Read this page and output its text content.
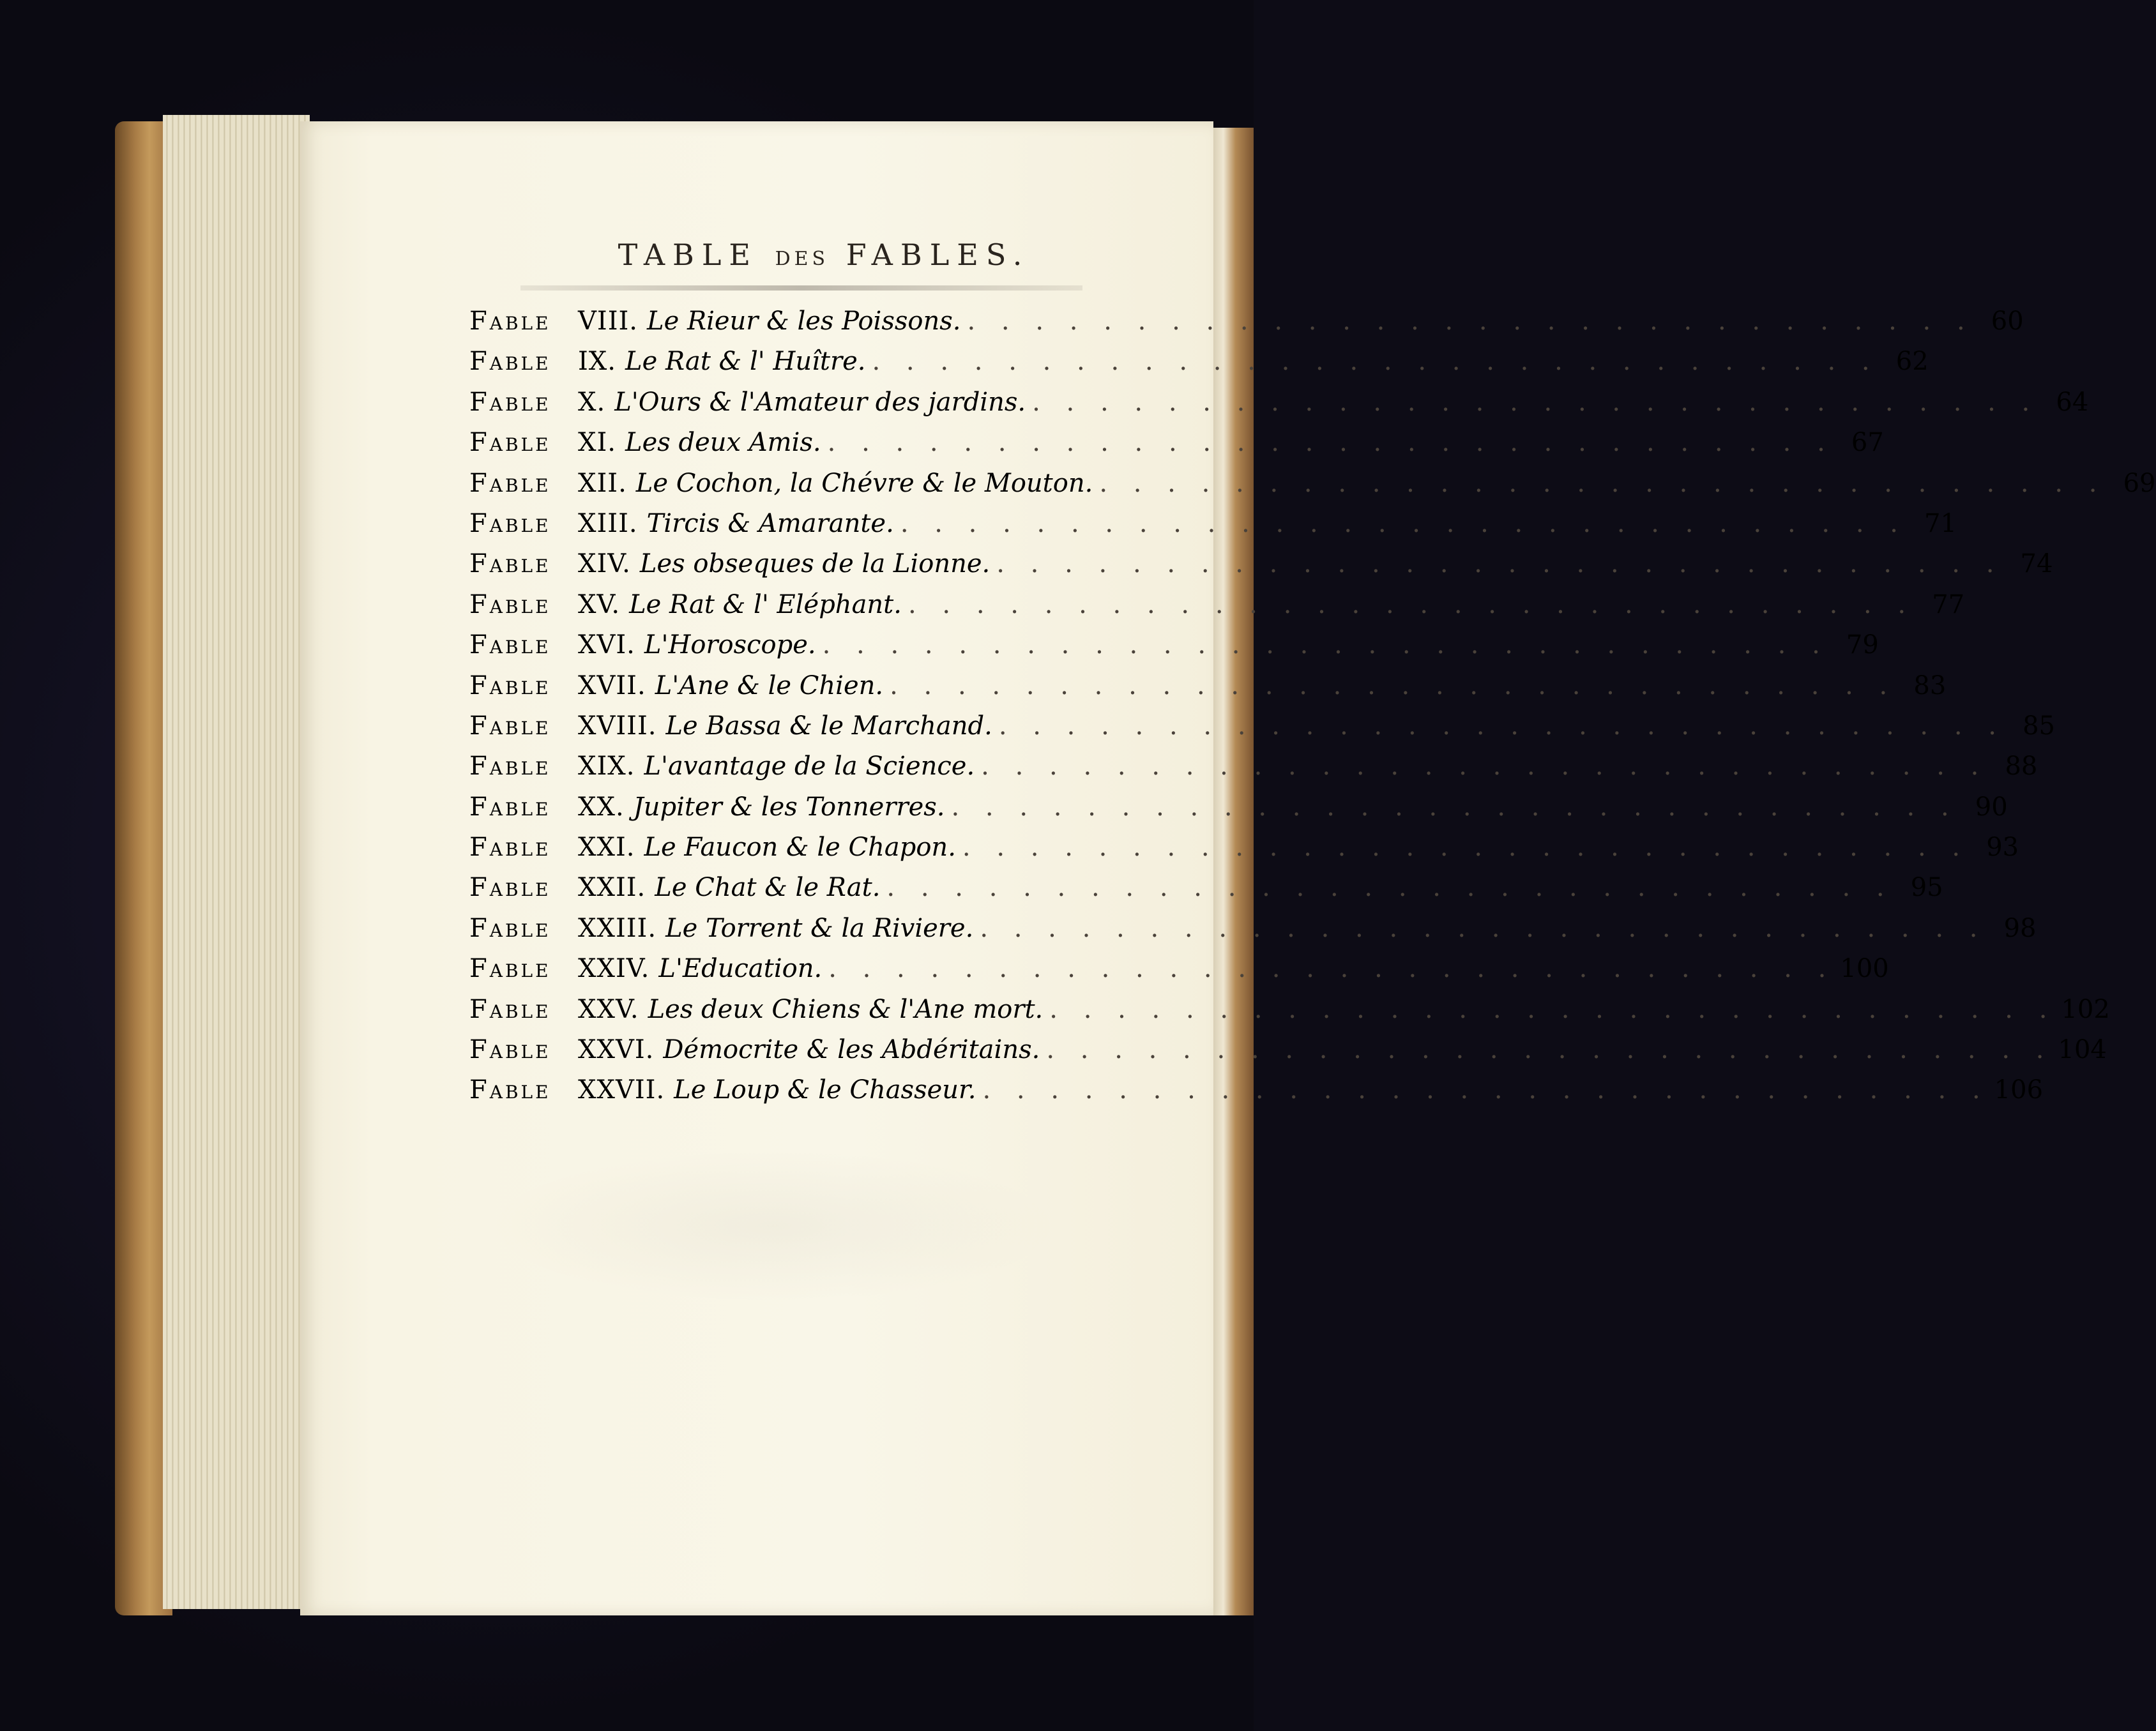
TABLE DES FABLES.
Fable	VIII. Le Rieur & les Poissons. . . .	60
Fable	IX. Le Rat & l' Huître. . . .	62
Fable	X. L'Ours & l'Amateur des jardins. . . .	64
Fable	XI. Les deux Amis. . . .	67
Fable	XII. Le Cochon, la Chévre & le Mouton. . . .	69
Fable	XIII. Tircis & Amarante. . . .	71
Fable	XIV. Les obseques de la Lionne. . . .	74
Fable	XV. Le Rat & l' Eléphant. . . .	77
Fable	XVI. L'Horoscope. . . .	79
Fable	XVII. L'Ane & le Chien. . . .	83
Fable	XVIII. Le Bassa & le Marchand. . . .	85
Fable	XIX. L'avantage de la Science. . . .	88
Fable	XX. Jupiter & les Tonnerres. . . .	90
Fable	XXI. Le Faucon & le Chapon. . . .	93
Fable	XXII. Le Chat & le Rat. . . .	95
Fable	XXIII. Le Torrent & la Riviere. . . .	98
Fable	XXIV. L'Education. . . .	100
Fable	XXV. Les deux Chiens & l'Ane mort. . . .	102
Fable	XXVI. Démocrite & les Abdéritains. . . .	104
Fable	XXVII. Le Loup & le Chasseur. . . .	106
